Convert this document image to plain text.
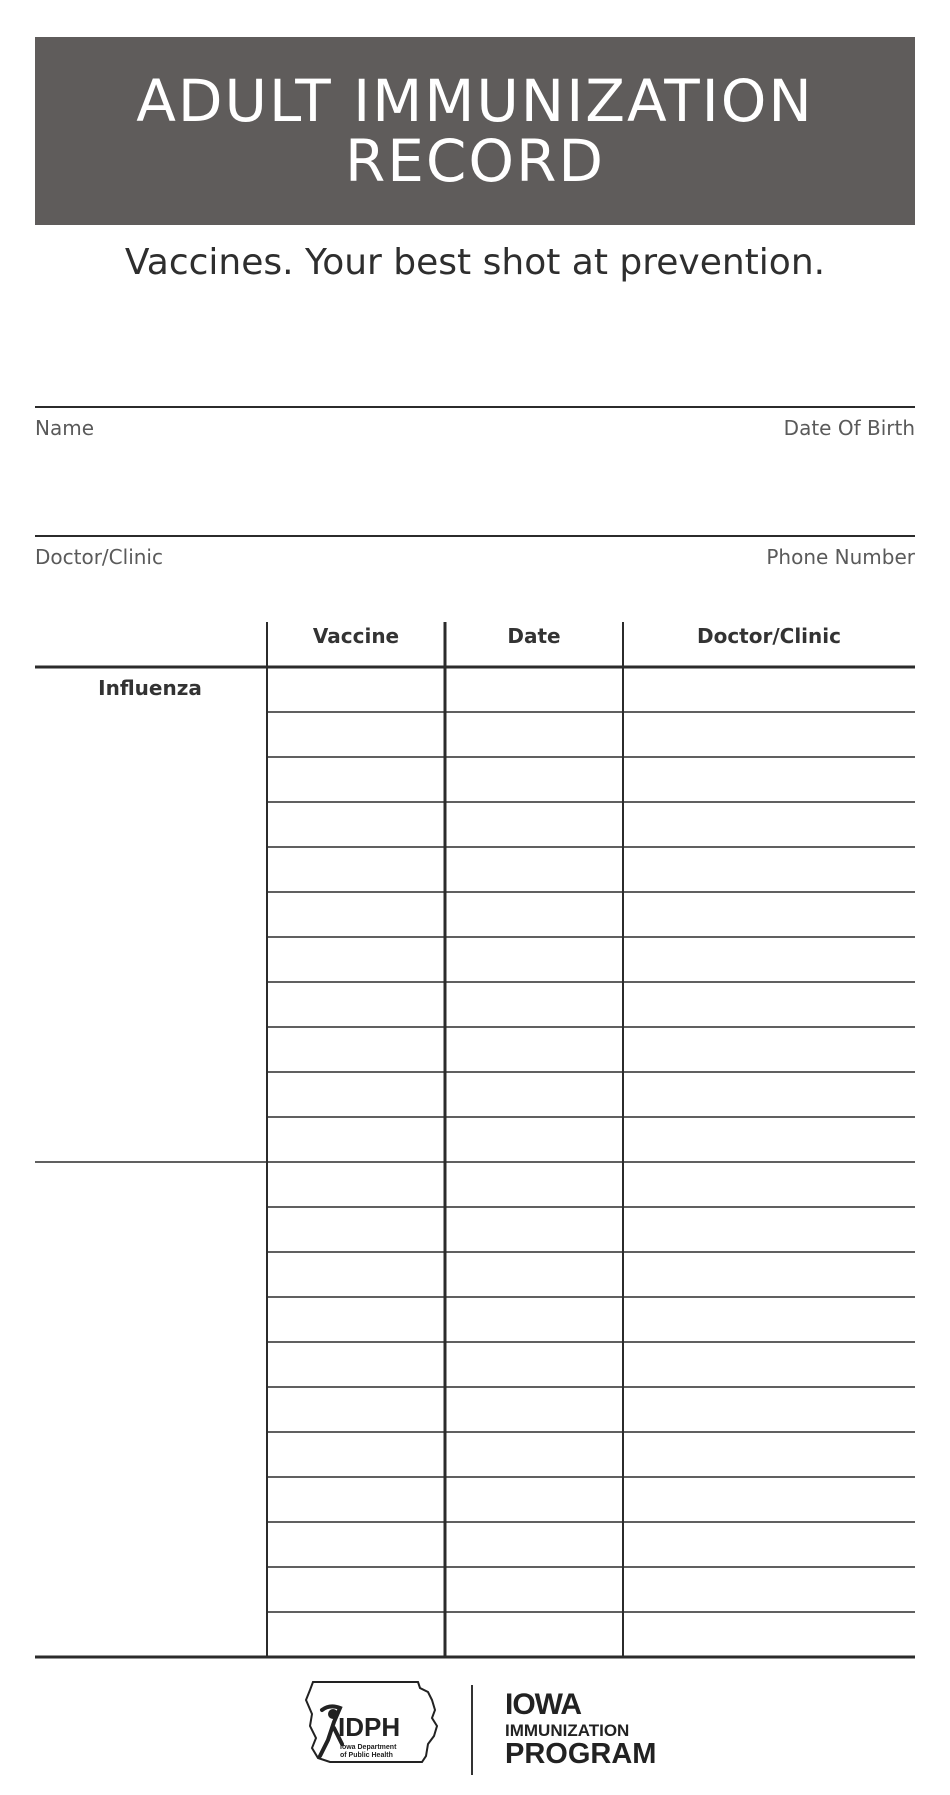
ADULT IMMUNIZATION
RECORD
Vaccines. Your best shot at prevention.
Name	Date Of Birth
Doctor/Clinic	Phone Number
Vaccine	Date	Doctor/Clinic
Influenza
IDPH
Iowa Department of Public Health
IOWA
IMMUNIZATION
PROGRAM
